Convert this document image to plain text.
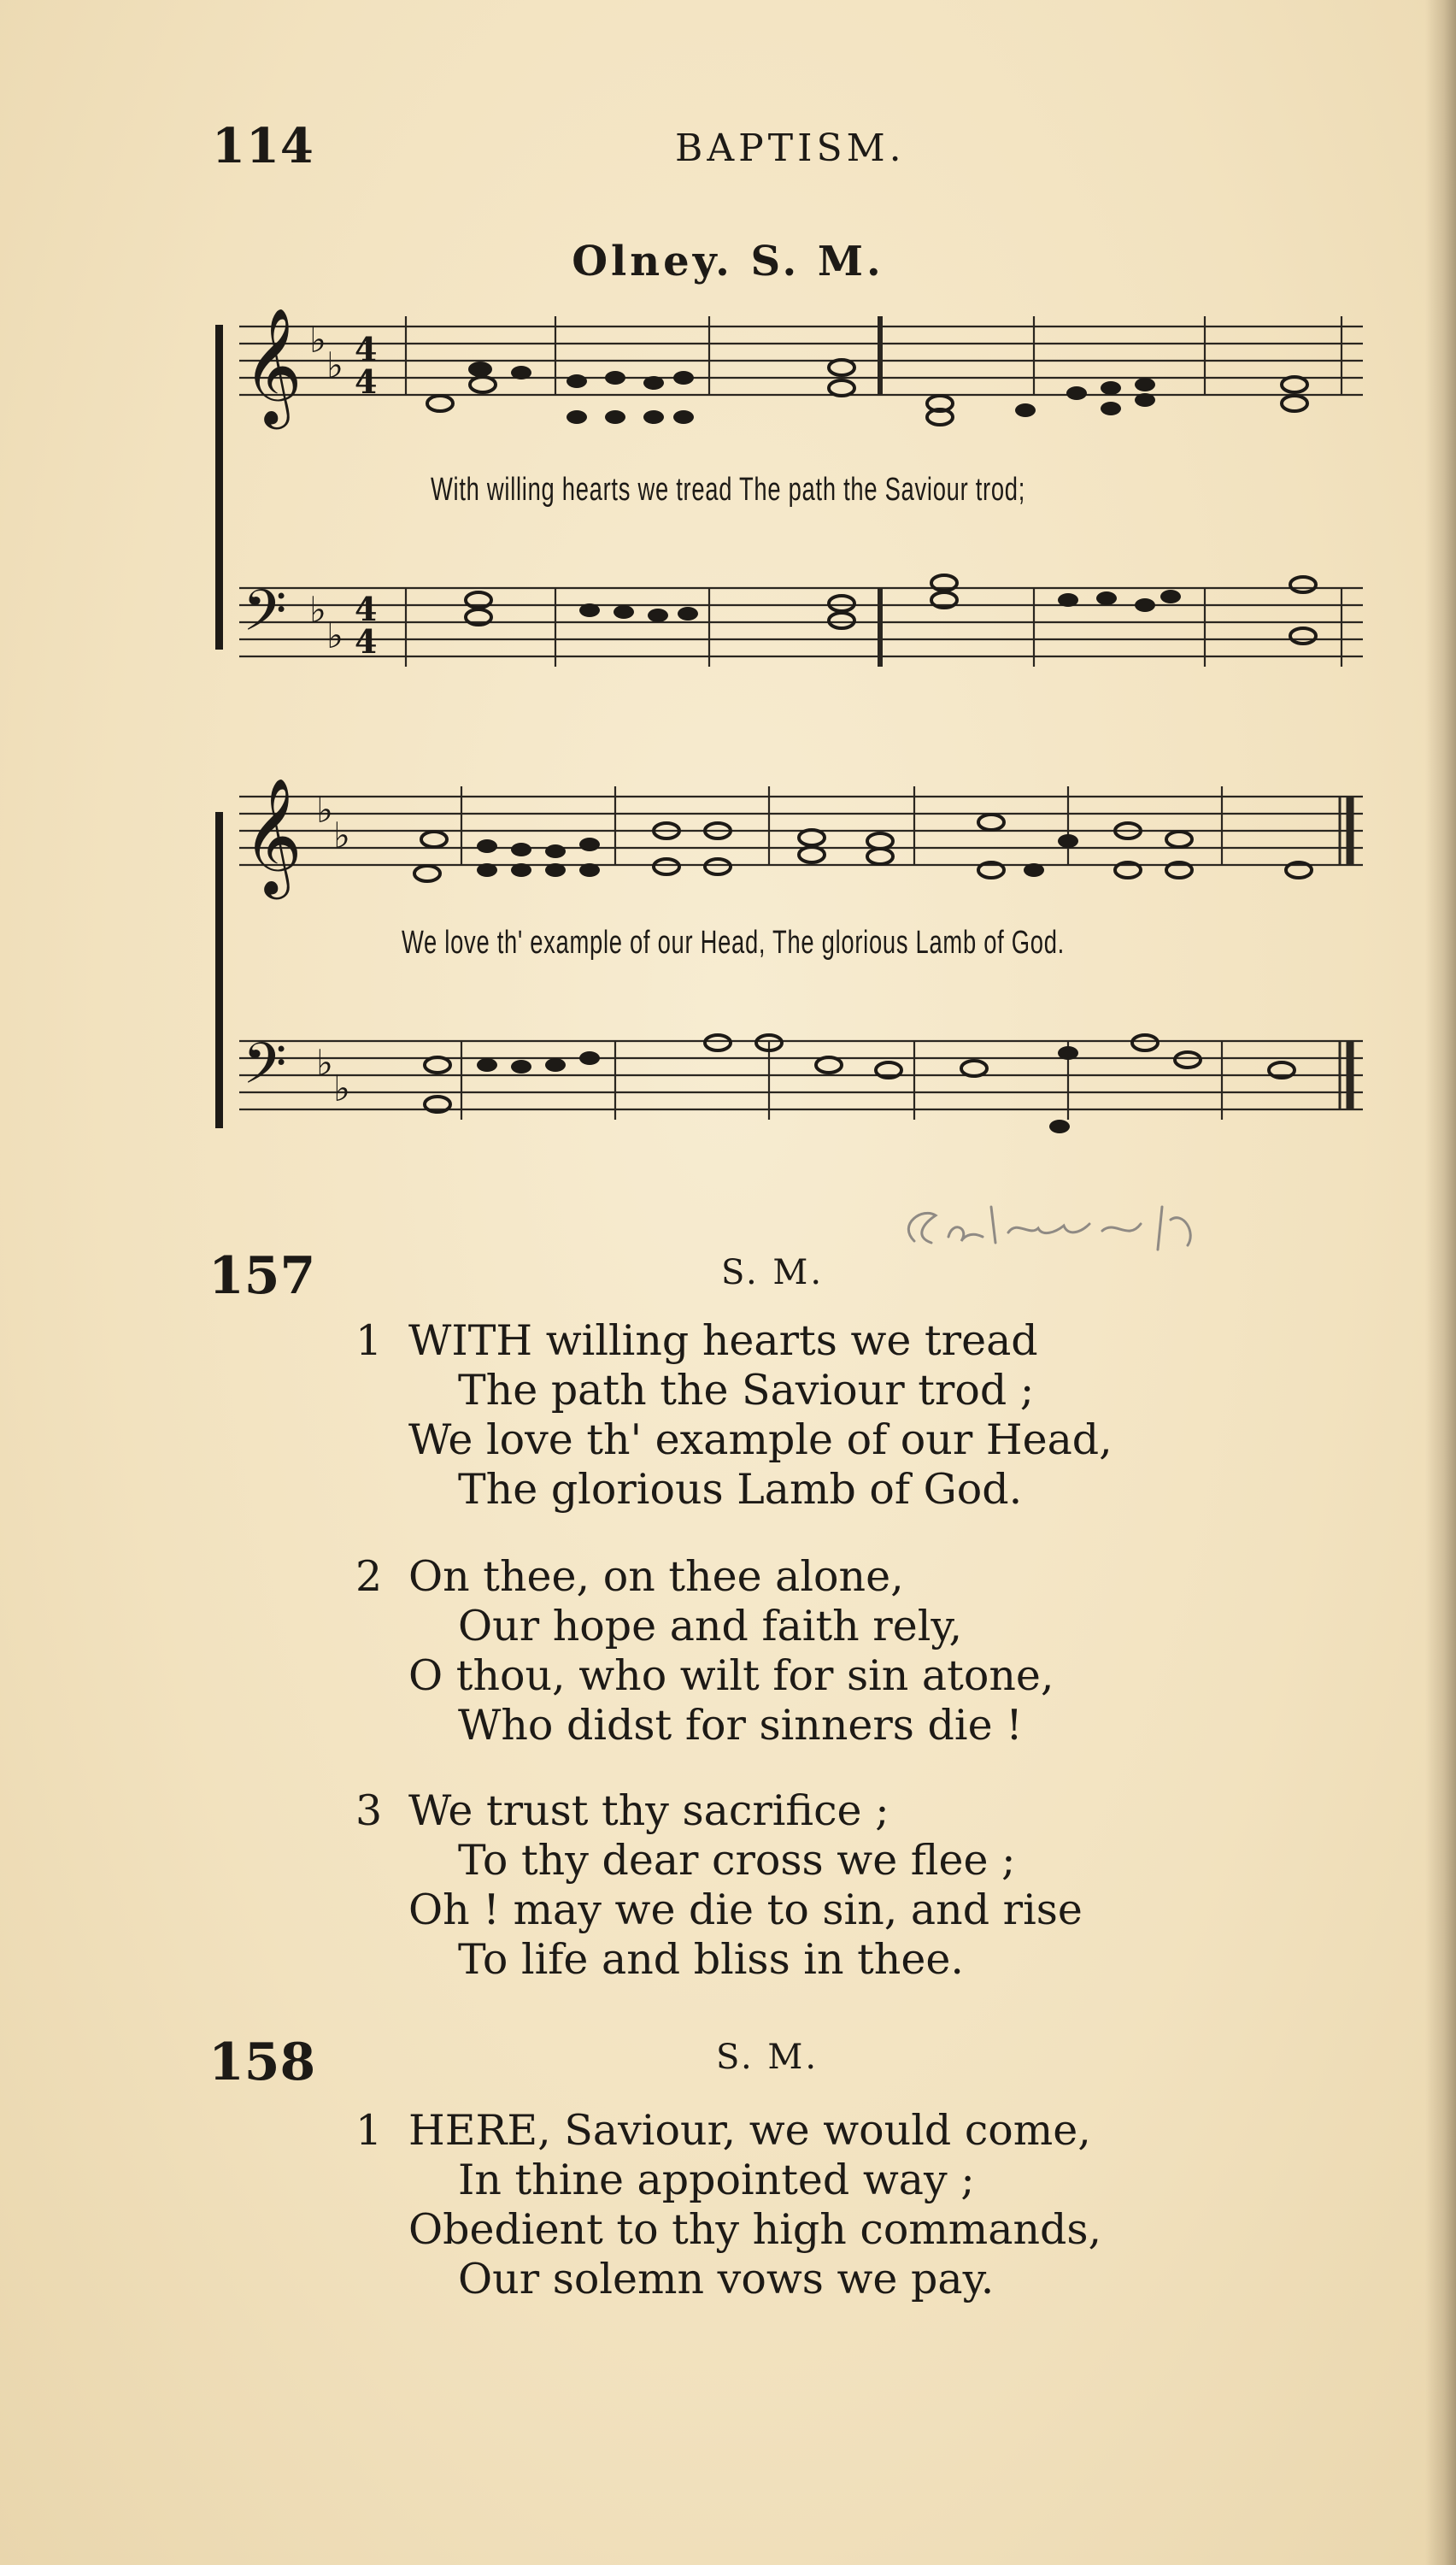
114	BAPTISM.
Olney. S. M.
𝄞
𝄢
♭
♭
♭
♭
4
4
4
4
With willing hearts we tread The path the Saviour trod;
𝄞
𝄢
♭
♭
♭
♭
We love th' example of our Head, The glorious Lamb of God.
157	S. M.
1 WITH willing hearts we tread
The path the Saviour trod ;
We love th' example of our Head,
The glorious Lamb of God.
2 On thee, on thee alone,
Our hope and faith rely,
O thou, who wilt for sin atone,
Who didst for sinners die !
3 We trust thy sacrifice ;
To thy dear cross we flee ;
Oh ! may we die to sin, and rise
To life and bliss in thee.
158	S. M.
1 HERE, Saviour, we would come,
In thine appointed way ;
Obedient to thy high commands,
Our solemn vows we pay.
